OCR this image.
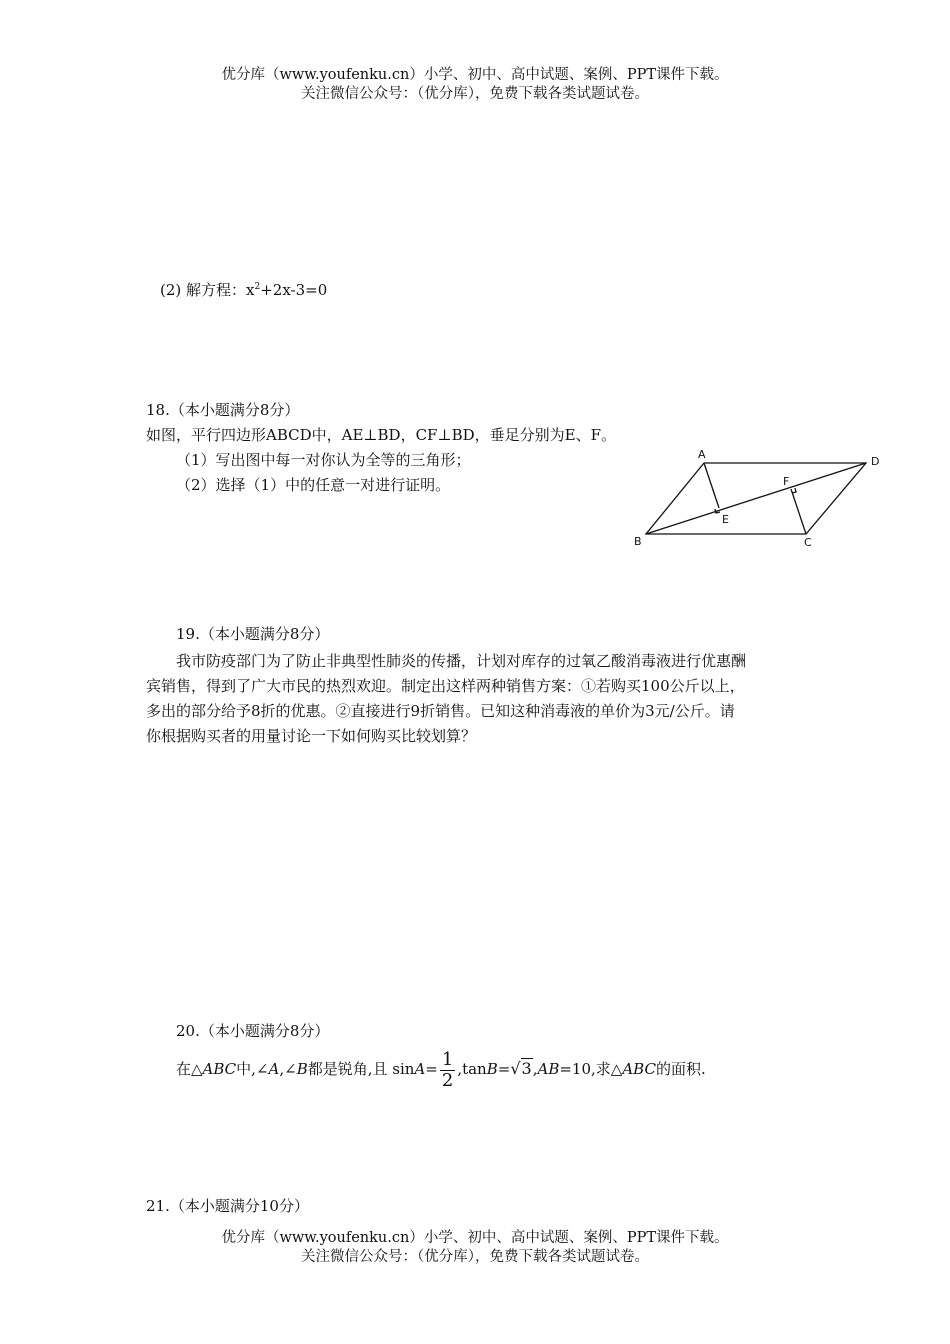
优分库（www.youfenku.cn）小学、初中、高中试题、案例、PPT课件下载。
关注微信公众号：（优分库），免费下载各类试题试卷。
(2) 解方程：$x^2+2x-3=0$
18.（本小题满分8分）
如图，平行四边形ABCD中，AE⊥BD，CF⊥BD，垂足分别为E、F。
（1）写出图中每一对你认为全等的三角形；
（2）选择（1）中的任意一对进行证明。
A
D
B	C
E
F
19.（本小题满分8分）

我市防疫部门为了防止非典型性肺炎的传播，计划对库存的过氧乙酸消毒液进行优惠酬

宾销售，得到了广大市民的热烈欢迎。制定出这样两种销售方案：①若购买100公斤以上，

多出的部分给予8折的优惠。②直接进行9折销售。已知这种消毒液的单价为3元/公斤。请

你根据购买者的用量讨论一下如何购买比较划算？

20.（本小题满分8分）
在△ABC中,∠A,∠B都是锐角,且 $\sin A= \frac{1}{2} ,\tan B=√3,AB=10$,求△ABC的面积.
21.（本小题满分10分）
优分库（www.youfenku.cn）小学、初中、高中试题、案例、PPT课件下载。
关注微信公众号：（优分库），免费下载各类试题试卷。
